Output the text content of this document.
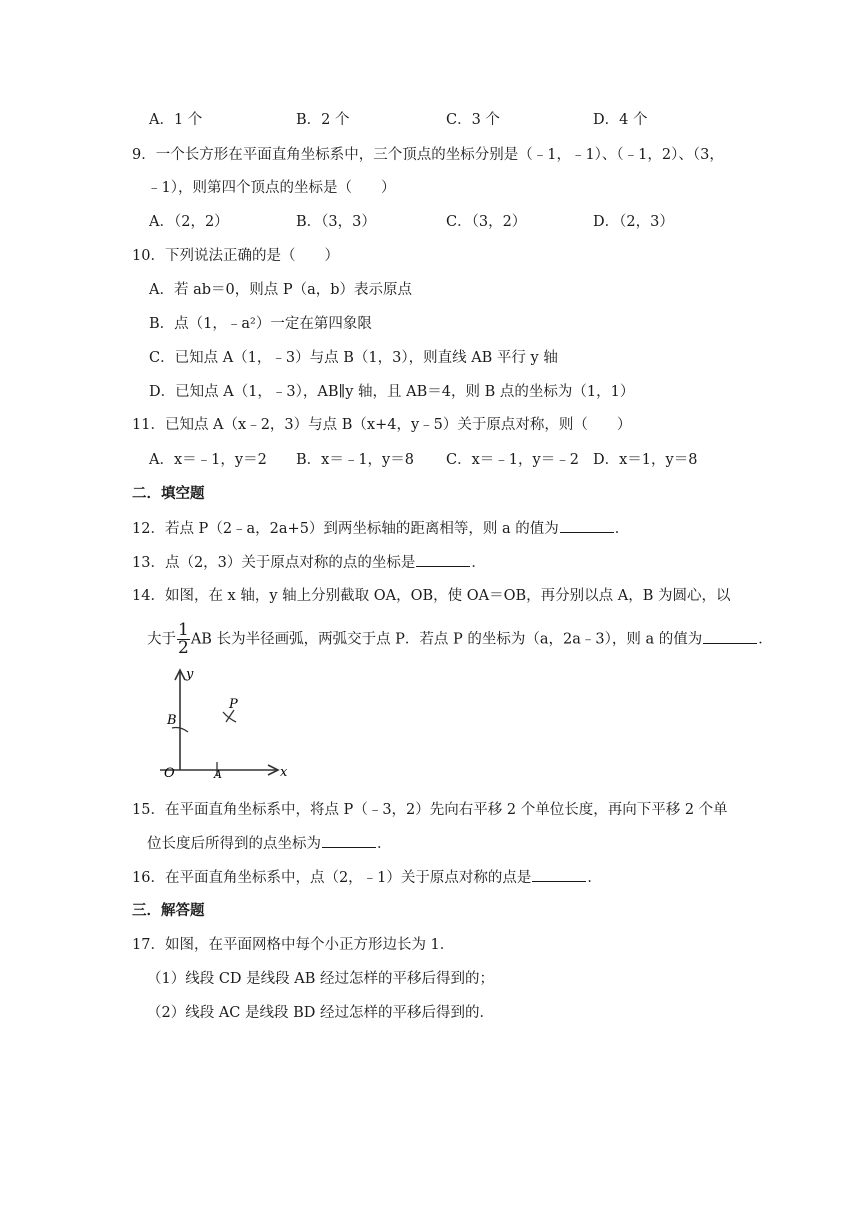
A．1 个	B．2 个	C．3 个	D．4 个
9．一个长方形在平面直角坐标系中，三个顶点的坐标分别是（﹣1，﹣1）、（﹣1，2）、（3，
﹣1），则第四个顶点的坐标是（　　）
A．（2，2）	B．（3，3）	C．（3，2）	D．（2，3）
10．下列说法正确的是（　　）
A．若 ab＝0，则点 P（a，b）表示原点
B．点（1，﹣a²）一定在第四象限
C．已知点 A（1，﹣3）与点 B（1，3），则直线 AB 平行 y 轴
D．已知点 A（1，﹣3），AB∥y 轴，且 AB＝4，则 B 点的坐标为（1，1）
11．已知点 A（x﹣2，3）与点 B（x+4，y﹣5）关于原点对称，则（　　）
A．x＝﹣1，y＝2 B．x＝﹣1，y＝8 C．x＝﹣1，y＝﹣2 D．x＝1，y＝8
二．填空题
12．若点 P（2﹣a，2a+5）到两坐标轴的距离相等，则 a 的值为	．
13．点（2，3）关于原点对称的点的坐标是	．
14．如图，在 x 轴，y 轴上分别截取 OA，OB，使 OA＝OB，再分别以点 A，B 为圆心，以
大于 $\frac{1}{2}$ AB 长为半径画弧，两弧交于点 P．若点 P 的坐标为（a，2a﹣3），则 a 的值为	．
y
x
O	A
B
P
15．在平面直角坐标系中，将点 P（﹣3，2）先向右平移 2 个单位长度，再向下平移 2 个单
位长度后所得到的点坐标为	．
16．在平面直角坐标系中，点（2，﹣1）关于原点对称的点是	．
三．解答题
17．如图，在平面网格中每个小正方形边长为 1．
（1）线段 CD 是线段 AB 经过怎样的平移后得到的；
（2）线段 AC 是线段 BD 经过怎样的平移后得到的．
